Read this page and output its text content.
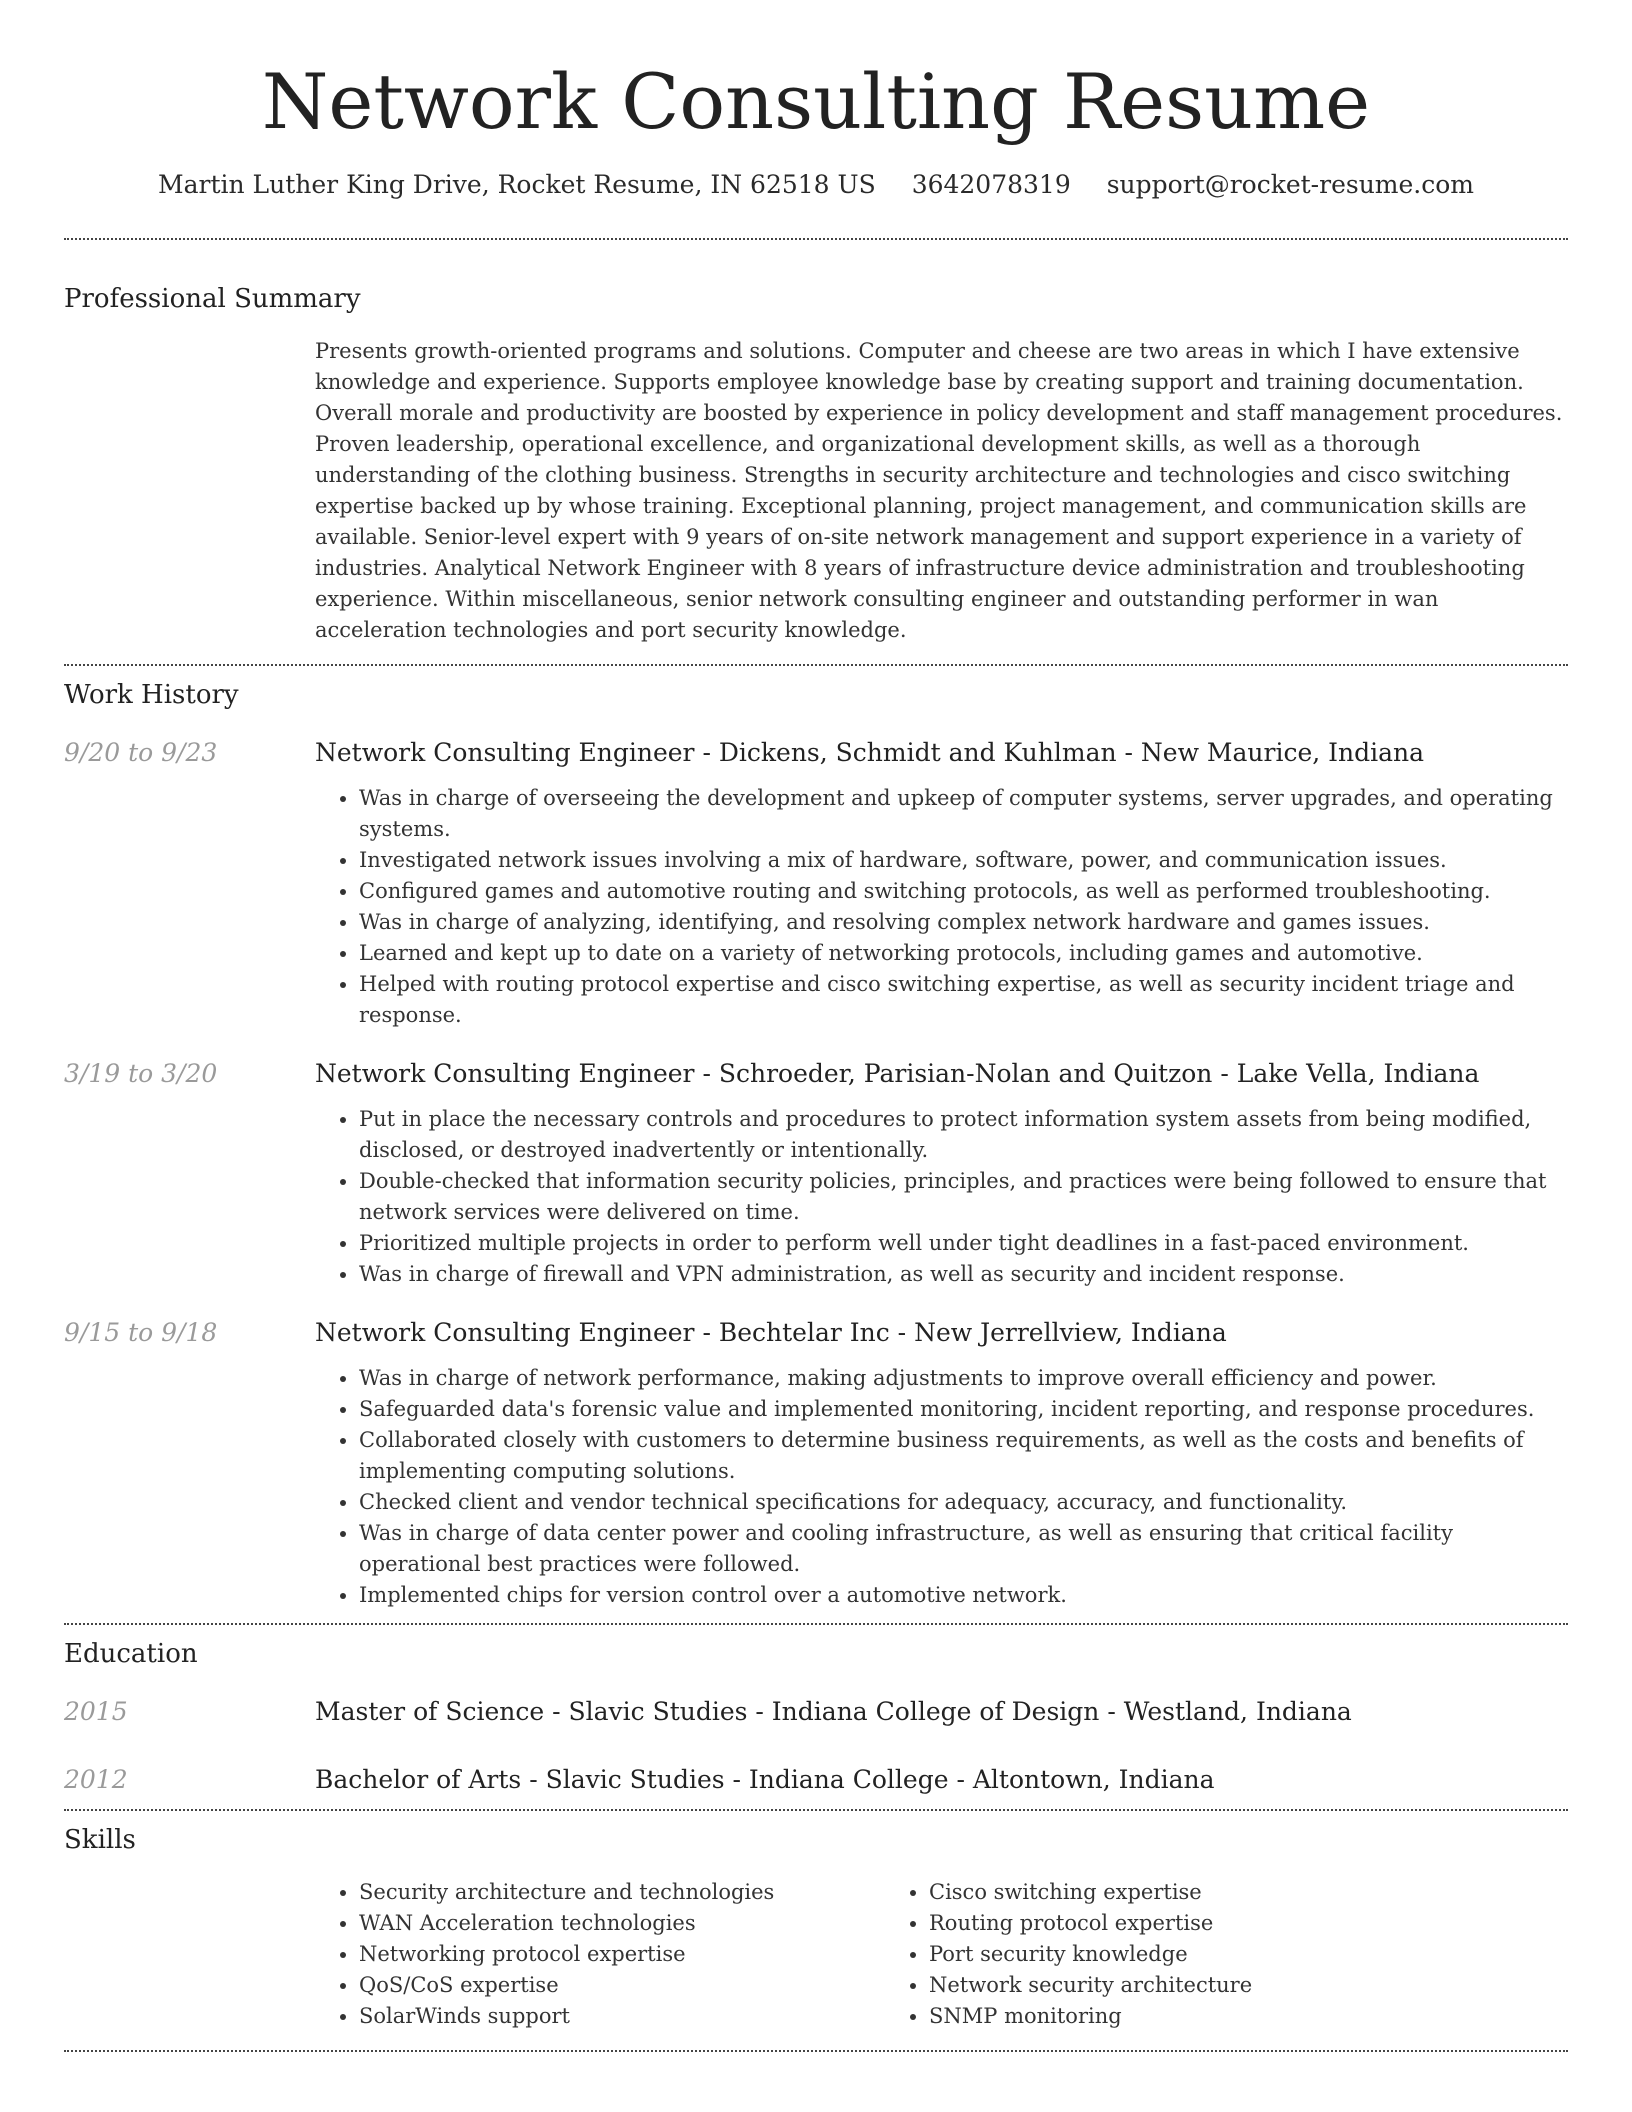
Network Consulting Resume
Martin Luther King Drive, Rocket Resume, IN 62518 US 3642078319 support@rocket-resume.com
Professional Summary

Presents growth-oriented programs and solutions. Computer and cheese are two areas in which I have extensive knowledge and experience. Supports employee knowledge base by creating support and training documentation. Overall morale and productivity are boosted by experience in policy development and staff management procedures. Proven leadership, operational excellence, and organizational development skills, as well as a thorough understanding of the clothing business. Strengths in security architecture and technologies and cisco switching expertise backed up by whose training. Exceptional planning, project management, and communication skills are available. Senior-level expert with 9 years of on-site network management and support experience in a variety of industries. Analytical Network Engineer with 8 years of infrastructure device administration and troubleshooting experience. Within miscellaneous, senior network consulting engineer and outstanding performer in wan acceleration technologies and port security knowledge.

Work History
9/20 to 9/23	Network Consulting Engineer - Dickens, Schmidt and Kuhlman - New Maurice, Indiana
• Was in charge of overseeing the development and upkeep of computer systems, server upgrades, and operating systems.
• Investigated network issues involving a mix of hardware, software, power, and communication issues.
• Configured games and automotive routing and switching protocols, as well as performed troubleshooting.
• Was in charge of analyzing, identifying, and resolving complex network hardware and games issues.
• Learned and kept up to date on a variety of networking protocols, including games and automotive.
• Helped with routing protocol expertise and cisco switching expertise, as well as security incident triage and response.
3/19 to 3/20	Network Consulting Engineer - Schroeder, Parisian-Nolan and Quitzon - Lake Vella, Indiana
• Put in place the necessary controls and procedures to protect information system assets from being modified, disclosed, or destroyed inadvertently or intentionally.
• Double-checked that information security policies, principles, and practices were being followed to ensure that network services were delivered on time.
• Prioritized multiple projects in order to perform well under tight deadlines in a fast-paced environment.
• Was in charge of firewall and VPN administration, as well as security and incident response.
9/15 to 9/18	Network Consulting Engineer - Bechtelar Inc - New Jerrellview, Indiana
• Was in charge of network performance, making adjustments to improve overall efficiency and power.
• Safeguarded data's forensic value and implemented monitoring, incident reporting, and response procedures.
• Collaborated closely with customers to determine business requirements, as well as the costs and benefits of implementing computing solutions.
• Checked client and vendor technical specifications for adequacy, accuracy, and functionality.
• Was in charge of data center power and cooling infrastructure, as well as ensuring that critical facility operational best practices were followed.
• Implemented chips for version control over a automotive network.
Education
2015	Master of Science - Slavic Studies - Indiana College of Design - Westland, Indiana
2012	Bachelor of Arts - Slavic Studies - Indiana College - Altontown, Indiana
Skills
• Security architecture and technologies
• WAN Acceleration technologies
• Networking protocol expertise
• QoS/CoS expertise
• SolarWinds support
• Cisco switching expertise
• Routing protocol expertise
• Port security knowledge
• Network security architecture
• SNMP monitoring
